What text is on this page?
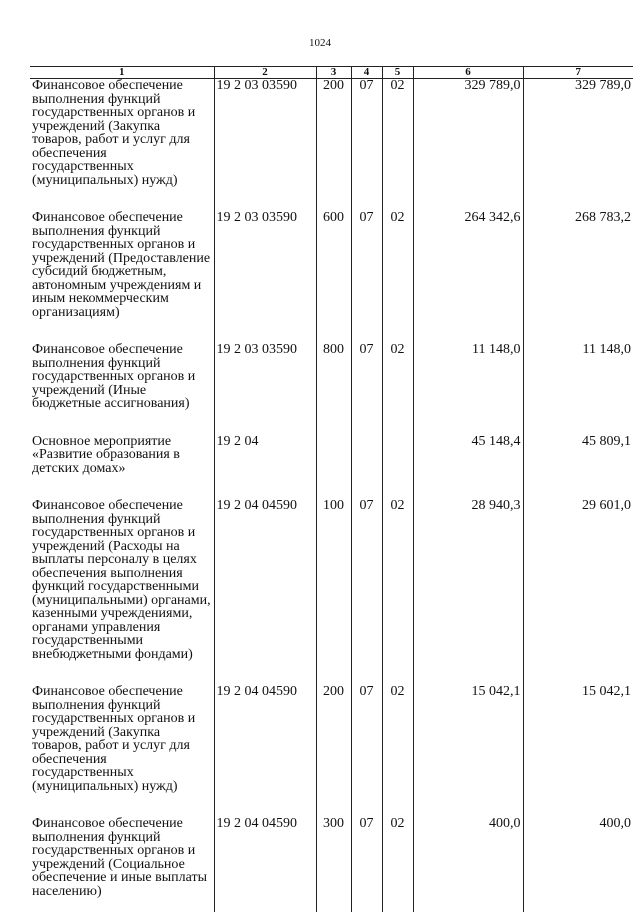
1024
1	2	3	4	5	6	7
Финансовое обеспечение выполнения функций государственных органов и учреждений (Закупка товаров, работ и услуг для обеспечения государственных (муниципальных) нужд)	19 2 03 03590	200	07	02	329 789,0	329 789,0
Финансовое обеспечение выполнения функций государственных органов и учреждений (Предоставление субсидий бюджетным, автономным учреждениям и иным некоммерческим организациям)	19 2 03 03590	600	07	02	264 342,6	268 783,2
Финансовое обеспечение выполнения функций государственных органов и учреждений (Иные бюджетные ассигнования)	19 2 03 03590	800	07	02	11 148,0	11 148,0
Основное мероприятие «Развитие образования в детских домах»	19 2 04				45 148,4	45 809,1
Финансовое обеспечение выполнения функций государственных органов и учреждений (Расходы на выплаты персоналу в целях обеспечения выполнения функций государственными (муниципальными) органами, казенными учреждениями, органами управления государственными внебюджетными фондами)	19 2 04 04590	100	07	02	28 940,3	29 601,0
Финансовое обеспечение выполнения функций государственных органов и учреждений (Закупка товаров, работ и услуг для обеспечения государственных (муниципальных) нужд)	19 2 04 04590	200	07	02	15 042,1	15 042,1
Финансовое обеспечение выполнения функций государственных органов и учреждений (Социальное обеспечение и иные выплаты населению)	19 2 04 04590	300	07	02	400,0	400,0
